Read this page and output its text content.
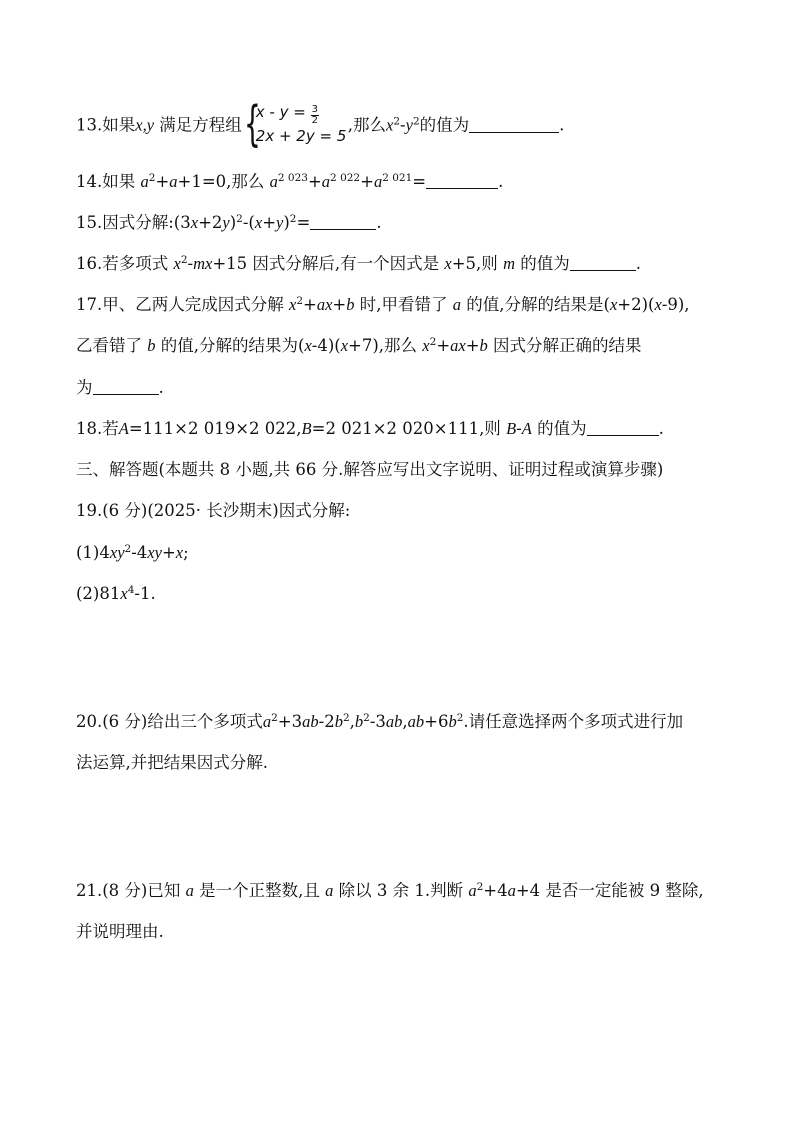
13.如果x,y 满足方程组 {
$x - y = \frac{3}{2}$
2x + 2y = 5
,那么$x^2-y^2$的值为	.
14.如果 $a^2+a+1=0$,那么 $a^{2 023}+a^{2 022}+a^{2 021}=$	.
15.因式分解$:(3x+2y)^2-(x+y)^2=$	.
16.若多项式 $x^2-mx+15$ 因式分解后,有一个因式是 x+5,则 m 的值为	.
17.甲、乙两人完成因式分解 $x^2+ax+b$ 时,甲看错了 a 的值,分解的结果是(x+2)(x-9),
乙看错了 b 的值,分解的结果为(x-4)(x+7),那么 $x^2+ax+b$ 因式分解正确的结果
为	.
18.若A=111×2 019×2 022,B=2 021×2 020×111,则 B-A 的值为	.
三、解答题(本题共 8 小题,共 66 分.解答应写出文字说明、证明过程或演算步骤)
19.(6 分)(2025· 长沙期末)因式分解:
$(1)4xy^2-4xy+x$;
$(2)81x^4-1$.
20.(6 分)给出三个多项式$a^2+3ab-2b^2,b^2-3ab,ab+6b^2$.请任意选择两个多项式进行加
法运算,并把结果因式分解.
21.(8 分)已知 a 是一个正整数,且 a 除以 3 余 1.判断 $a^2+4a+4$ 是否一定能被 9 整除,
并说明理由.
